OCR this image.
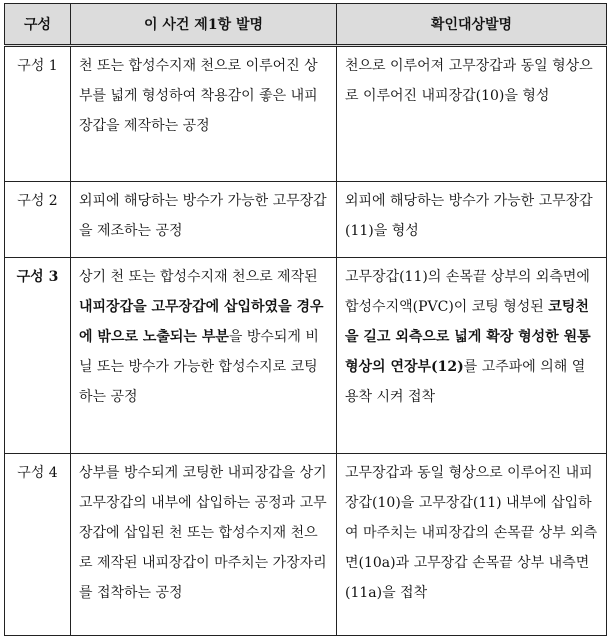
구성	이 사건 제1항 발명	확인대상발명
구성 1	천 또는 합성수지재 천으로 이루어진 상부를 넓게 형성하여 착용감이 좋은 내피장갑을 제작하는 공정	천으로 이루어져 고무장갑과 동일 형상으로 이루어진 내피장갑(10)을 형성

구성 2	외피에 해당하는 방수가 가능한 고무장갑을 제조하는 공정	외피에 해당하는 방수가 가능한 고무장갑(11)을 형성

구성 3	상기 천 또는 합성수지재 천으로 제작된 내피장갑을 고무장갑에 삽입하였을 경우에 밖으로 노출되는 부분을 방수되게 비닐 또는 방수가 가능한 합성수지로 코팅하는 공정	고무장갑(11)의 손목끝 상부의 외측면에 합성수지액(PVC)이 코팅 형성된 코팅천을 길고 외측으로 넓게 확장 형성한 원통형상의 연장부(12)를 고주파에 의해 열용착 시켜 접착
구성 4	상부를 방수되게 코팅한 내피장갑을 상기 고무장갑의 내부에 삽입하는 공정과 고무장갑에 삽입된 천 또는 합성수지재 천으로 제작된 내피장갑이 마주치는 가장자리를 접착하는 공정	고무장갑과 동일 형상으로 이루어진 내피장갑(10)을 고무장갑(11) 내부에 삽입하여 마주치는 내피장갑의 손목끝 상부 외측면(10a)과 고무장갑 손목끝 상부 내측면(11a)을 접착
